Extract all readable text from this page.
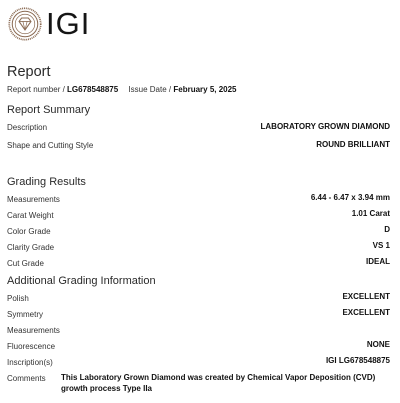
IGI
Report
Report number / LG678548875 Issue Date / February 5, 2025
Report Summary
Description	LABORATORY GROWN DIAMOND
Shape and Cutting Style	ROUND BRILLIANT
Grading Results
Measurements	6.44 - 6.47 x 3.94 mm
Carat Weight	1.01 Carat
Color Grade	D
Clarity Grade	VS 1
Cut Grade	IDEAL
Additional Grading Information
Polish	EXCELLENT
Symmetry	EXCELLENT
Measurements
Fluorescence	NONE
Inscription(s)	IGI LG678548875
Comments This Laboratory Grown Diamond was created by Chemical Vapor Deposition (CVD) growth process Type IIa
